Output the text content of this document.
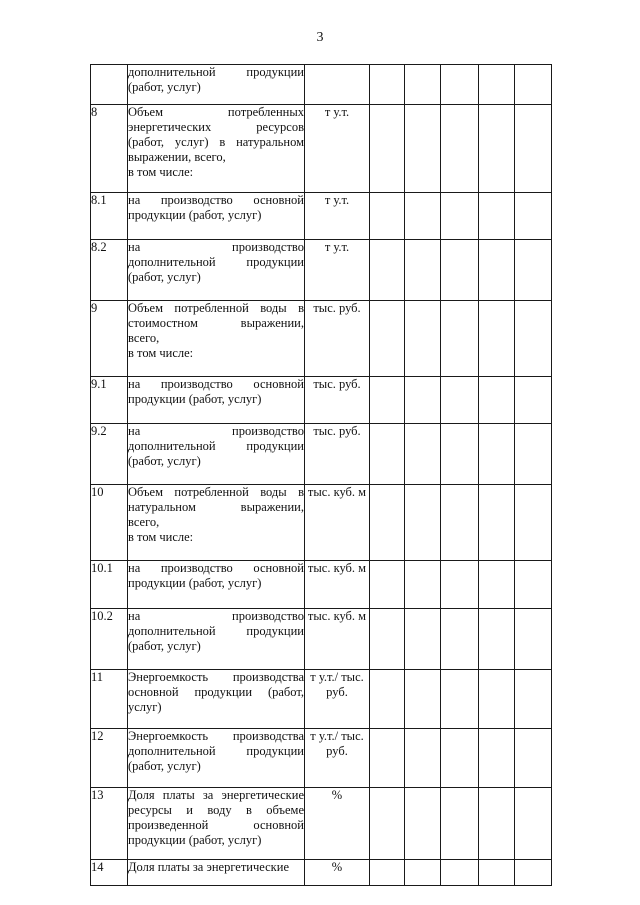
3

	дополнительной продукции
(работ, услуг)						

8	Объем потребленных
энергетических ресурсов
(работ, услуг) в натуральном
выражении, всего,
в том числе:	т у.т.					
8.1	на производство основной
продукции (работ, услуг)	т у.т.					
8.2	на производство
дополнительной продукции
(работ, услуг)	т у.т.					
9	Объем потребленной воды в
стоимостном выражении,
всего,
в том числе:	тыс. руб.					
9.1	на производство основной
продукции (работ, услуг)	тыс. руб.					
9.2	на производство
дополнительной продукции
(работ, услуг)	тыс. руб.					
10	Объем потребленной воды в
натуральном выражении,
всего,
в том числе:	тыс. куб. м					
10.1	на производство основной
продукции (работ, услуг)	тыс. куб. м					
10.2	на производство
дополнительной продукции
(работ, услуг)	тыс. куб. м					
11	Энергоемкость производства
основной продукции (работ,
услуг)	т у.т./ тыс. руб.					
12	Энергоемкость производства
дополнительной продукции
(работ, услуг)	т у.т./ тыс. руб.					
13	Доля платы за энергетические
ресурсы и воду в объеме
произведенной основной
продукции (работ, услуг)	%					
14	Доля платы за энергетические	%					
